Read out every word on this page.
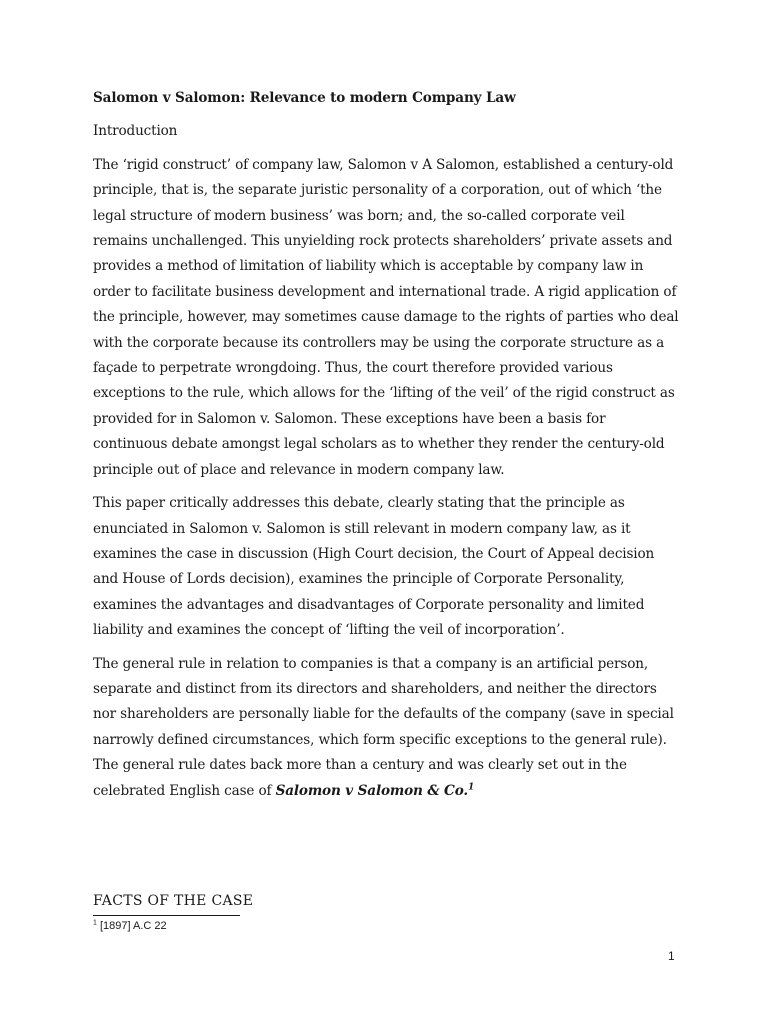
Salomon v Salomon: Relevance to modern Company Law

Introduction

The ‘rigid construct’ of company law, Salomon v A Salomon, established a century-old principle, that is, the separate juristic personality of a corporation, out of which ‘the legal structure of modern business’ was born; and, the so-called corporate veil remains unchallenged. This unyielding rock protects shareholders’ private assets and provides a method of limitation of liability which is acceptable by company law in order to facilitate business development and international trade. A rigid application of the principle, however, may sometimes cause damage to the rights of parties who deal with the corporate because its controllers may be using the corporate structure as a façade to perpetrate wrongdoing. Thus, the court therefore provided various exceptions to the rule, which allows for the ‘lifting of the veil’ of the rigid construct as provided for in Salomon v. Salomon. These exceptions have been a basis for continuous debate amongst legal scholars as to whether they render the century-old principle out of place and relevance in modern company law.

This paper critically addresses this debate, clearly stating that the principle as enunciated in Salomon v. Salomon is still relevant in modern company law, as it examines the case in discussion (High Court decision, the Court of Appeal decision and House of Lords decision), examines the principle of Corporate Personality, examines the advantages and disadvantages of Corporate personality and limited liability and examines the concept of ‘lifting the veil of incorporation’.

The general rule in relation to companies is that a company is an artificial person, separate and distinct from its directors and shareholders, and neither the directors nor shareholders are personally liable for the defaults of the company (save in special narrowly defined circumstances, which form specific exceptions to the general rule). The general rule dates back more than a century and was clearly set out in the celebrated English case of Salomon v Salomon & Co.$^1$

FACTS OF THE CASE
$^1$ [1897] A.C 22
1
